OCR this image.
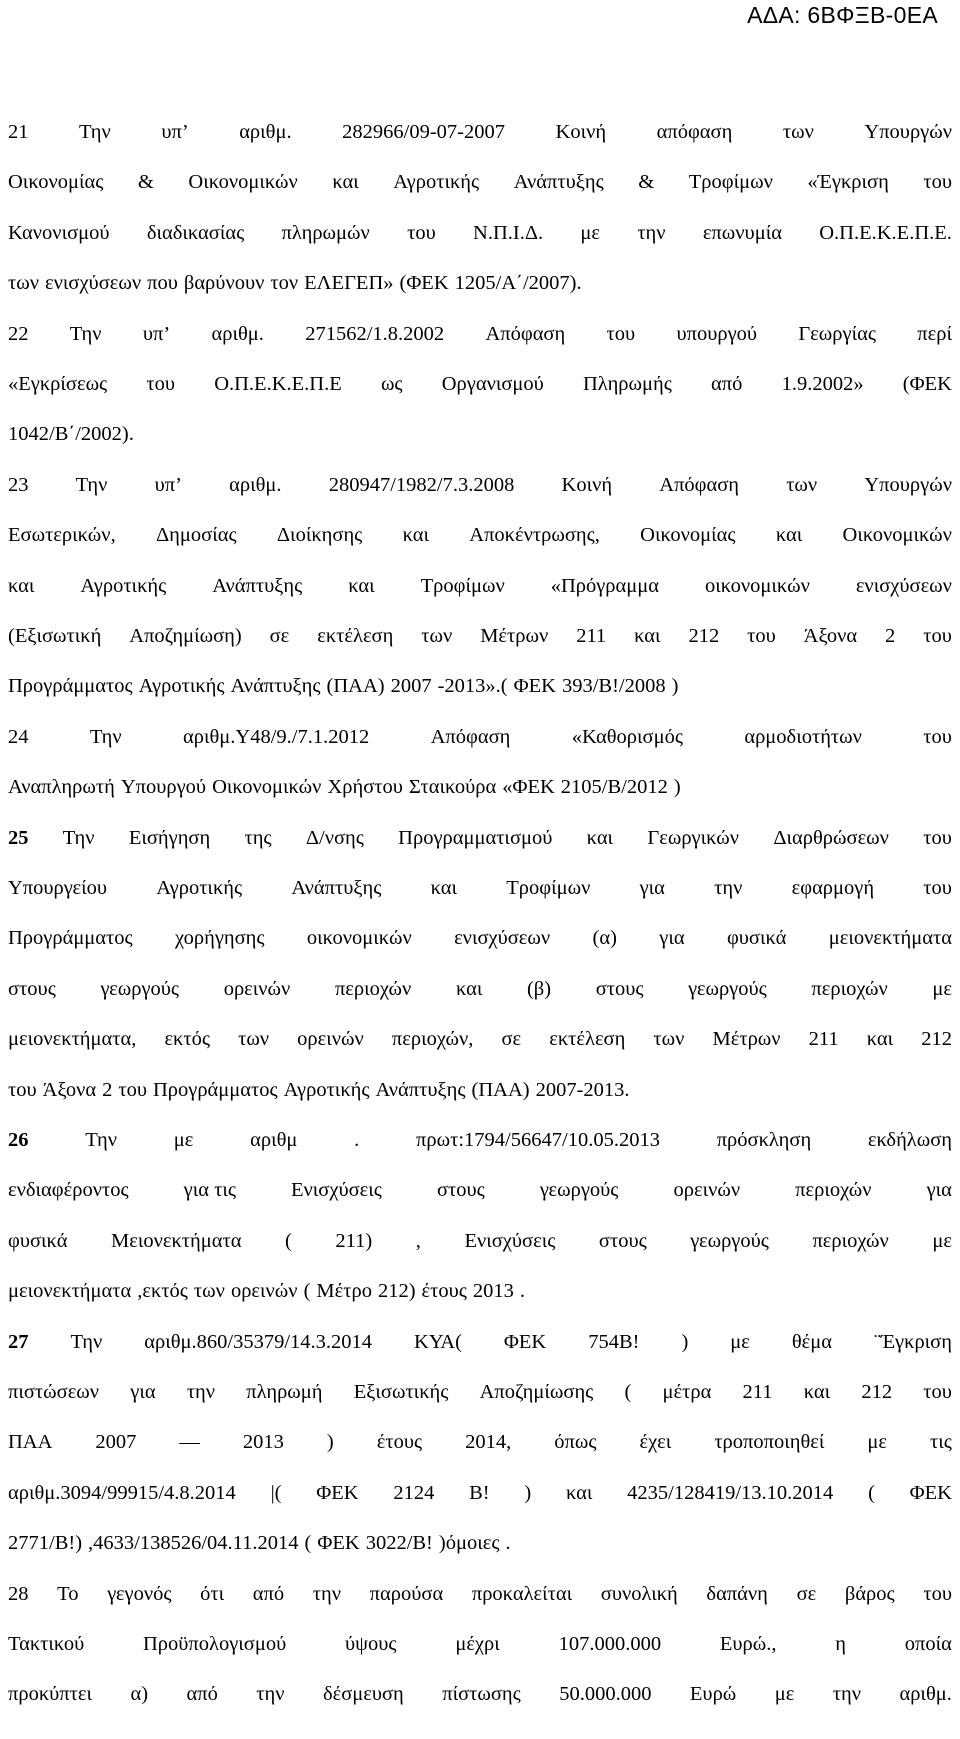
ΑΔΑ: 6ΒΦΞΒ-0ΕΑ
21 Την υπ’ αριθμ. 282966/09-07-2007 Κοινή απόφαση των Υπουργών
Οικονομίας & Οικονομικών και Αγροτικής Ανάπτυξης & Τροφίμων «Έγκριση του
Κανονισμού διαδικασίας πληρωμών του Ν.Π.Ι.Δ. με την επωνυμία Ο.Π.Ε.Κ.Ε.Π.Ε.
των ενισχύσεων που βαρύνουν τον ΕΛΕΓΕΠ» (ΦΕΚ 1205/Α΄/2007).
22 Την υπ’ αριθμ. 271562/1.8.2002 Απόφαση του υπουργού Γεωργίας περί
«Εγκρίσεως του Ο.Π.Ε.Κ.Ε.Π.Ε ως Οργανισμού Πληρωμής από 1.9.2002» (ΦΕΚ
1042/Β΄/2002).
23 Την υπ’ αριθμ. 280947/1982/7.3.2008 Κοινή Απόφαση των Υπουργών
Εσωτερικών, Δημοσίας Διοίκησης και Αποκέντρωσης, Οικονομίας και Οικονομικών
και Αγροτικής Ανάπτυξης και Τροφίμων «Πρόγραμμα οικονομικών ενισχύσεων
(Εξισωτική Αποζημίωση) σε εκτέλεση των Μέτρων 211 και 212 του Άξονα 2 του
Προγράμματος Αγροτικής Ανάπτυξης (ΠΑΑ) 2007 -2013».( ΦΕΚ 393/Β!/2008 )
24	Την	αριθμ.Υ48/9./7.1.2012	Απόφαση	«Καθορισμός	αρμοδιοτήτων	του
Αναπληρωτή Υπουργού Οικονομικών Χρήστου Σταικούρα «ΦΕΚ 2105/Β/2012 )
25 Την Εισήγηση της Δ/νσης Προγραμματισμού και Γεωργικών Διαρθρώσεων του
Υπουργείου Αγροτικής Ανάπτυξης και Τροφίμων για την εφαρμογή του
Προγράμματος χορήγησης οικονομικών ενισχύσεων (α) για φυσικά μειονεκτήματα
στους γεωργούς ορεινών περιοχών και (β) στους γεωργούς περιοχών με
μειονεκτήματα, εκτός των ορεινών περιοχών, σε εκτέλεση των Μέτρων 211 και 212
του Άξονα 2 του Προγράμματος Αγροτικής Ανάπτυξης (ΠΑΑ) 2007-2013.
26	Την	με	αριθμ	.	πρωτ:1794/56647/10.05.2013	πρόσκληση	εκδήλωση
ενδιαφέροντος	για τις	Ενισχύσεις	στους	γεωργούς	ορεινών	περιοχών	για
φυσικά Μειονεκτήματα ( 211) , Ενισχύσεις στους γεωργούς περιοχών με
μειονεκτήματα ,εκτός των ορεινών ( Μέτρο 212) έτους 2013 .
27 Την αριθμ.860/35379/14.3.2014 ΚΥΑ( ΦΕΚ 754Β! ) με θέμα ¨Έγκριση
πιστώσεων για την πληρωμή Εξισωτικής Αποζημίωσης ( μέτρα 211 και 212 του
ΠΑΑ 2007 — 2013 ) έτους 2014, όπως έχει τροποποιηθεί με τις
αριθμ.3094/99915/4.8.2014 |( ΦΕΚ 2124 Β! ) και 4235/128419/13.10.2014 ( ΦΕΚ
2771/Β!) ,4633/138526/04.11.2014 ( ΦΕΚ 3022/Β! )όμοιες .
28 Το γεγονός ότι από την παρούσα προκαλείται συνολική δαπάνη σε βάρος του
Τακτικού	Προϋπολογισμού	ύψους	μέχρι	107.000.000	Ευρώ.,	η	οποία
προκύπτει α) από την δέσμευση πίστωσης 50.000.000 Ευρώ με την αριθμ.
